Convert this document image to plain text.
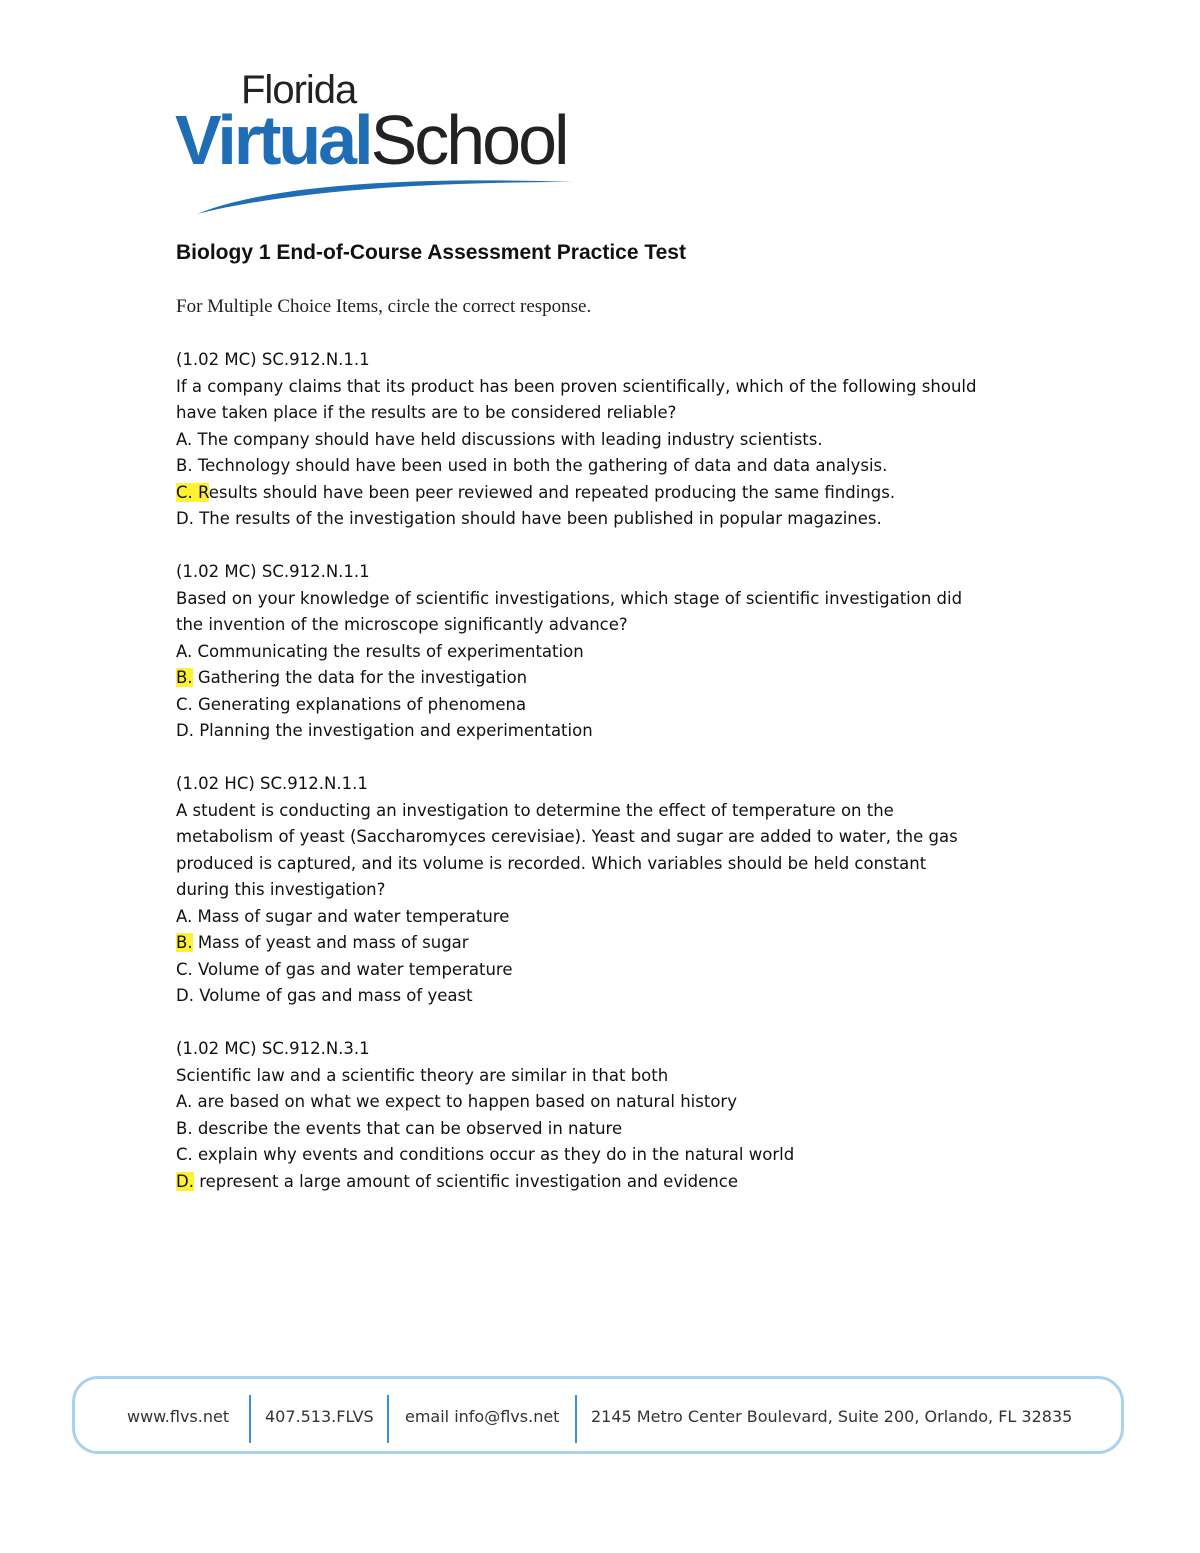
Florida
VirtualSchool
Biology 1 End-of-Course Assessment Practice Test
For Multiple Choice Items, circle the correct response.
(1.02 MC) SC.912.N.1.1
If a company claims that its product has been proven scientifically, which of the following should
have taken place if the results are to be considered reliable?
A. The company should have held discussions with leading industry scientists.
B. Technology should have been used in both the gathering of data and data analysis.
C. Results should have been peer reviewed and repeated producing the same findings.
D. The results of the investigation should have been published in popular magazines.
(1.02 MC) SC.912.N.1.1
Based on your knowledge of scientific investigations, which stage of scientific investigation did
the invention of the microscope significantly advance?
A. Communicating the results of experimentation
B. Gathering the data for the investigation
C. Generating explanations of phenomena
D. Planning the investigation and experimentation
(1.02 HC) SC.912.N.1.1
A student is conducting an investigation to determine the effect of temperature on the
metabolism of yeast (Saccharomyces cerevisiae). Yeast and sugar are added to water, the gas
produced is captured, and its volume is recorded. Which variables should be held constant
during this investigation?
A. Mass of sugar and water temperature
B. Mass of yeast and mass of sugar
C. Volume of gas and water temperature
D. Volume of gas and mass of yeast
(1.02 MC) SC.912.N.3.1
Scientific law and a scientific theory are similar in that both
A. are based on what we expect to happen based on natural history
B. describe the events that can be observed in nature
C. explain why events and conditions occur as they do in the natural world
D. represent a large amount of scientific investigation and evidence
www.flvs.net 407.513.FLVS email info@flvs.net 2145 Metro Center Boulevard, Suite 200, Orlando, FL 32835
